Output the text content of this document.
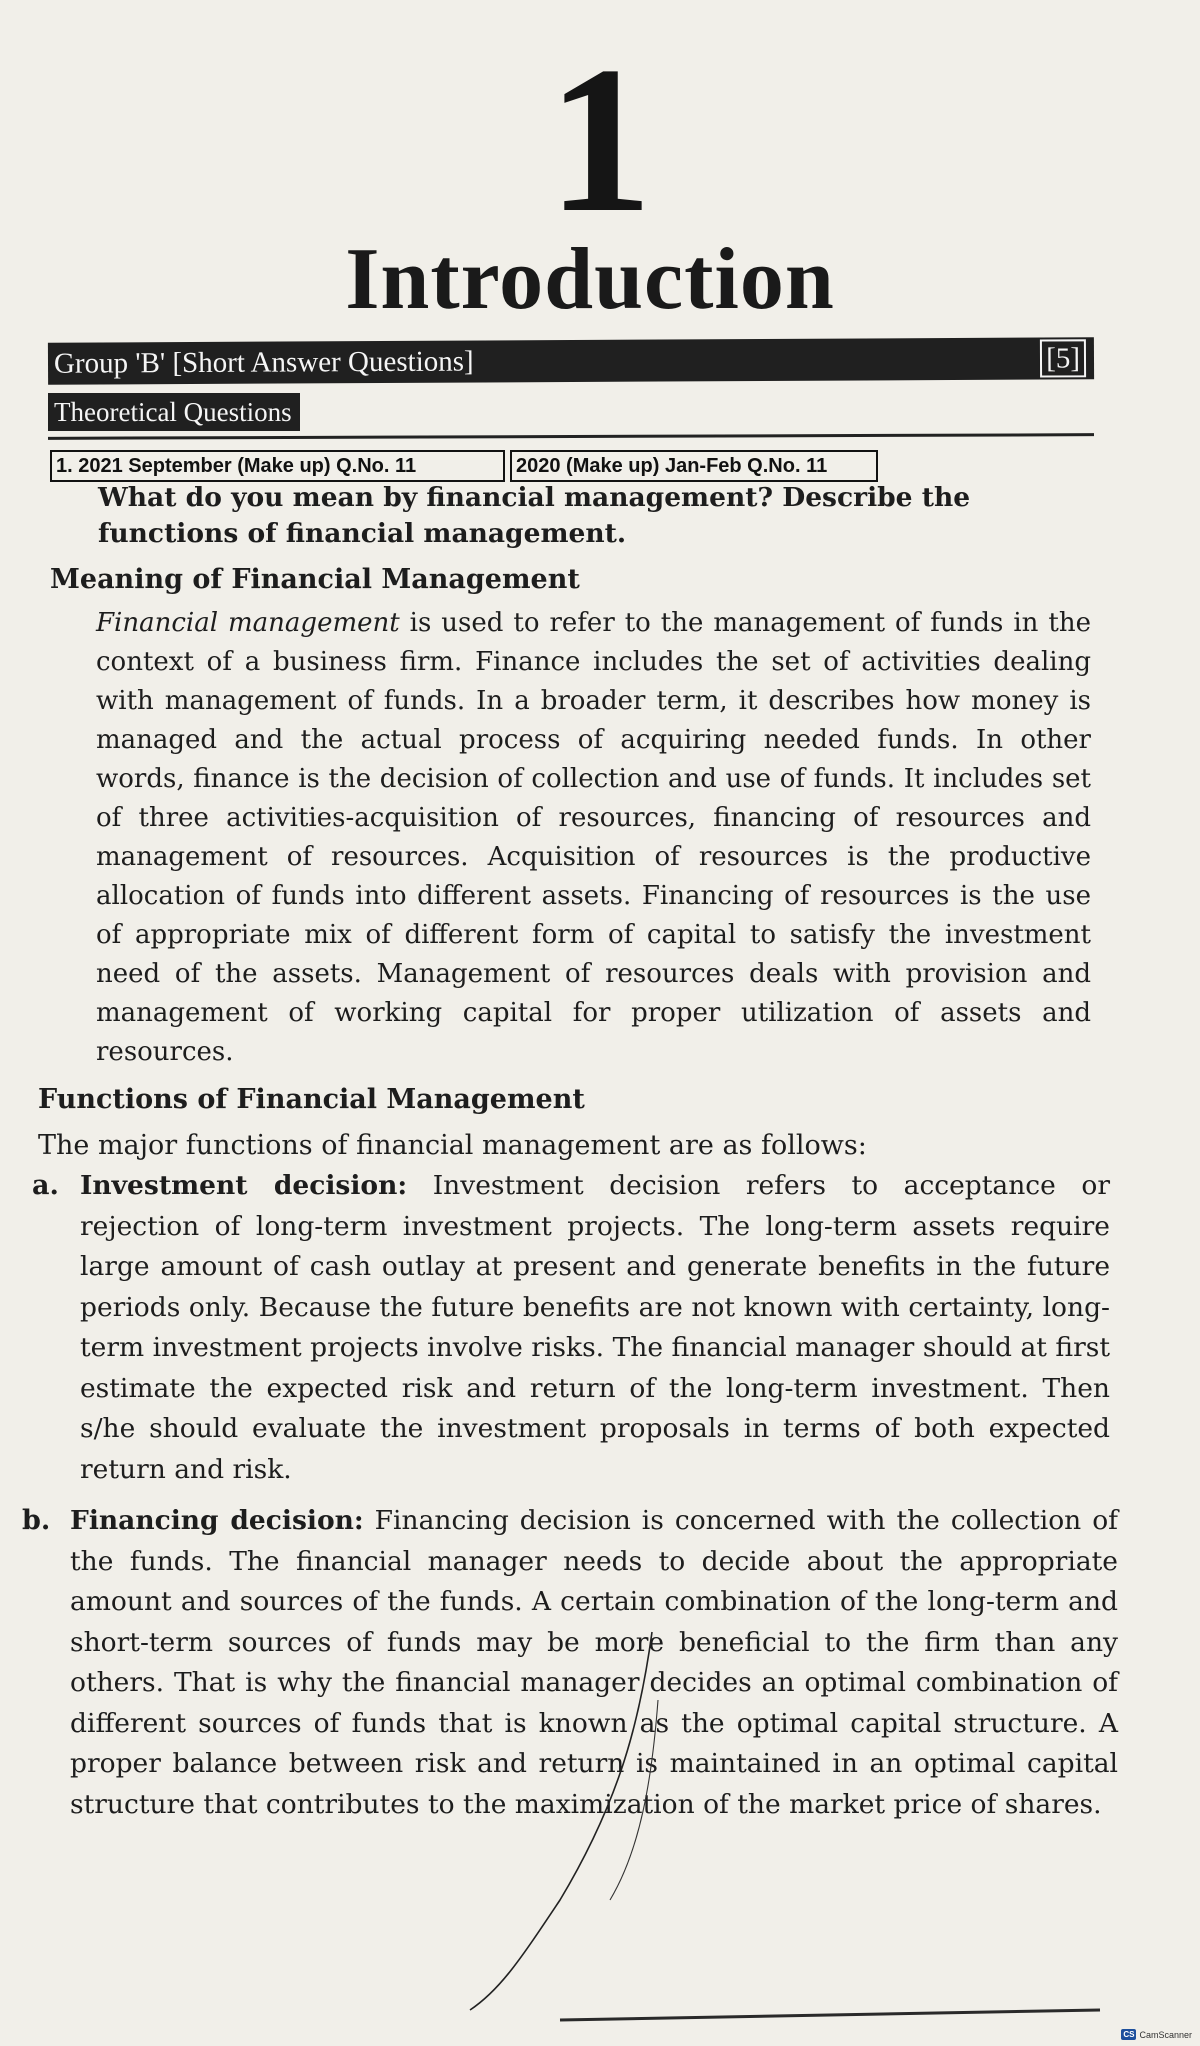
1
Introduction
Group 'B' [Short Answer Questions]	[5]
Theoretical Questions
1. 2021 September (Make up) Q.No. 11	2020 (Make up) Jan-Feb Q.No. 11
What do you mean by financial management? Describe the functions of financial management.
Meaning of Financial Management
Financial management is used to refer to the management of funds in the context of a business firm. Finance includes the set of activities dealing with management of funds. In a broader term, it describes how money is managed and the actual process of acquiring needed funds. In other words, finance is the decision of collection and use of funds. It includes set of three activities-acquisition of resources, financing of resources and management of resources. Acquisition of resources is the productive allocation of funds into different assets. Financing of resources is the use of appropriate mix of different form of capital to satisfy the investment need of the assets. Management of resources deals with provision and management of working capital for proper utilization of assets and resources.
Functions of Financial Management
The major functions of financial management are as follows:
a. Investment decision: Investment decision refers to acceptance or rejection of long-term investment projects. The long-term assets require large amount of cash outlay at present and generate benefits in the future periods only. Because the future benefits are not known with certainty, long-term investment projects involve risks. The financial manager should at first estimate the expected risk and return of the long-term investment. Then s/he should evaluate the investment proposals in terms of both expected return and risk.
b. Financing decision: Financing decision is concerned with the collection of the funds. The financial manager needs to decide about the appropriate amount and sources of the funds. A certain combination of the long-term and short-term sources of funds may be more beneficial to the firm than any others. That is why the financial manager decides an optimal combination of different sources of funds that is known as the optimal capital structure. A proper balance between risk and return is maintained in an optimal capital structure that contributes to the maximization of the market price of shares.
CS CamScanner
